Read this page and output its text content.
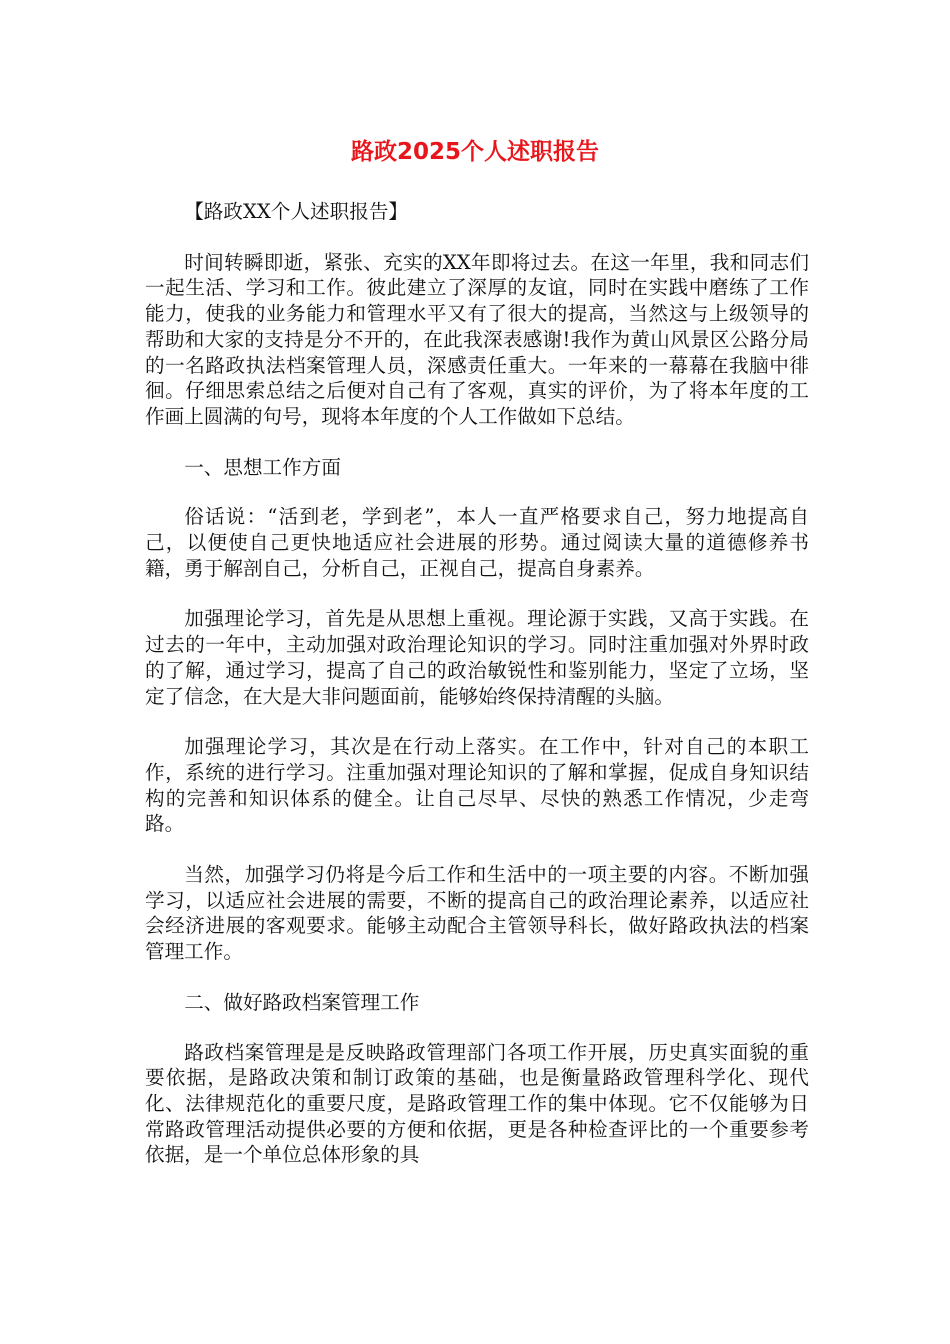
路政2025个人述职报告

【路政XX个人述职报告】

时间转瞬即逝，紧张、充实的XX年即将过去。在这一年里，我和同志们一起生活、学习和工作。彼此建立了深厚的友谊，同时在实践中磨练了工作能力，使我的业务能力和管理水平又有了很大的提高，当然这与上级领导的帮助和大家的支持是分不开的，在此我深表感谢!我作为黄山风景区公路分局的一名路政执法档案管理人员，深感责任重大。一年来的一幕幕在我脑中徘徊。仔细思索总结之后便对自己有了客观，真实的评价，为了将本年度的工作画上圆满的句号，现将本年度的个人工作做如下总结。

一、思想工作方面

俗话说：“活到老，学到老”，本人一直严格要求自己，努力地提高自己，以便使自己更快地适应社会进展的形势。通过阅读大量的道德修养书籍，勇于解剖自己，分析自己，正视自己，提高自身素养。

加强理论学习，首先是从思想上重视。理论源于实践，又高于实践。在过去的一年中，主动加强对政治理论知识的学习。同时注重加强对外界时政的了解，通过学习，提高了自己的政治敏锐性和鉴别能力，坚定了立场，坚定了信念，在大是大非问题面前，能够始终保持清醒的头脑。

加强理论学习，其次是在行动上落实。在工作中，针对自己的本职工作，系统的进行学习。注重加强对理论知识的了解和掌握，促成自身知识结构的完善和知识体系的健全。让自己尽早、尽快的熟悉工作情况，少走弯路。

当然，加强学习仍将是今后工作和生活中的一项主要的内容。不断加强学习，以适应社会进展的需要，不断的提高自己的政治理论素养，以适应社会经济进展的客观要求。能够主动配合主管领导科长，做好路政执法的档案管理工作。

二、做好路政档案管理工作

路政档案管理是是反映路政管理部门各项工作开展，历史真实面貌的重要依据，是路政决策和制订政策的基础，也是衡量路政管理科学化、现代化、法律规范化的重要尺度，是路政管理工作的集中体现。它不仅能够为日常路政管理活动提供必要的方便和依据，更是各种检查评比的一个重要参考依据，是一个单位总体形象的具
